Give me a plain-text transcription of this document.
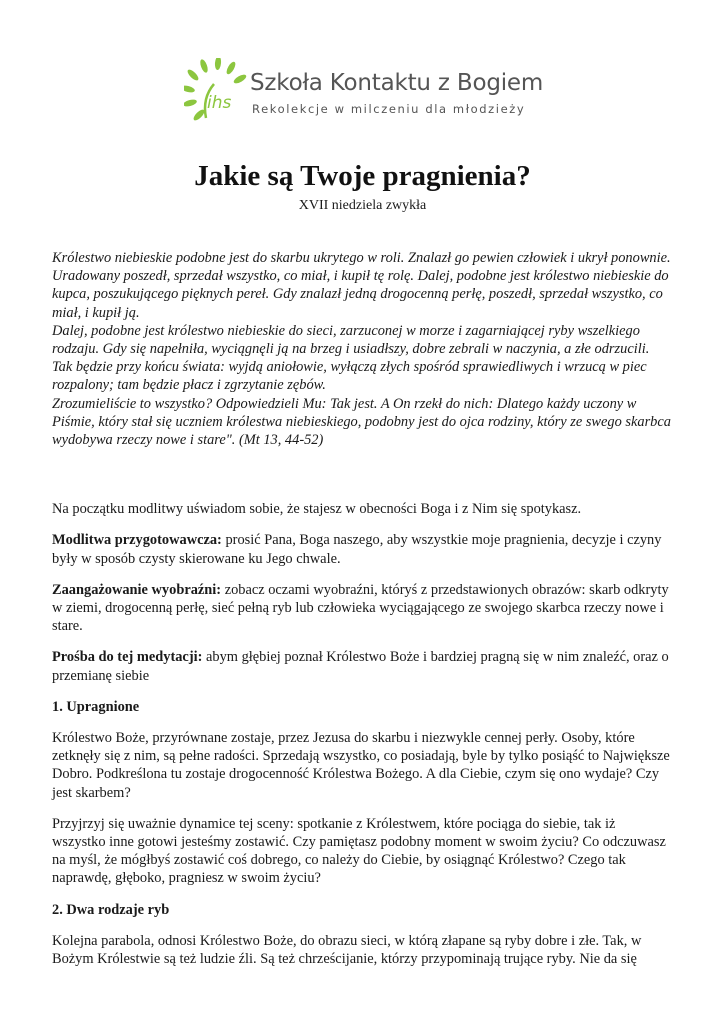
ihs
Szkoła Kontaktu z Bogiem
Rekolekcje w milczeniu dla młodzieży
Jakie są Twoje pragnienia?
XVII niedziela zwykła

Królestwo niebieskie podobne jest do skarbu ukrytego w roli. Znalazł go pewien człowiek i ukrył ponownie. Uradowany poszedł, sprzedał wszystko, co miał, i kupił tę rolę. Dalej, podobne jest królestwo niebieskie do kupca, poszukującego pięknych pereł. Gdy znalazł jedną drogocenną perłę, poszedł, sprzedał wszystko, co miał, i kupił ją.

Dalej, podobne jest królestwo niebieskie do sieci, zarzuconej w morze i zagarniającej ryby wszelkiego rodzaju. Gdy się napełniła, wyciągnęli ją na brzeg i usiadłszy, dobre zebrali w naczynia, a złe odrzucili. Tak będzie przy końcu świata: wyjdą aniołowie, wyłączą złych spośród sprawiedliwych i wrzucą w piec rozpalony; tam będzie płacz i zgrzytanie zębów.

Zrozumieliście to wszystko? Odpowiedzieli Mu: Tak jest. A On rzekł do nich: Dlatego każdy uczony w Piśmie, który stał się uczniem królestwa niebieskiego, podobny jest do ojca rodziny, który ze swego skarbca wydobywa rzeczy nowe i stare". (Mt 13, 44-52)

Na początku modlitwy uświadom sobie, że stajesz w obecności Boga i z Nim się spotykasz.

Modlitwa przygotowawcza: prosić Pana, Boga naszego, aby wszystkie moje pragnienia, decyzje i czyny były w sposób czysty skierowane ku Jego chwale.

Zaangażowanie wyobraźni: zobacz oczami wyobraźni, któryś z przedstawionych obrazów: skarb odkryty w ziemi, drogocenną perłę, sieć pełną ryb lub człowieka wyciągającego ze swojego skarbca rzeczy nowe i stare.

Prośba do tej medytacji: abym głębiej poznał Królestwo Boże i bardziej pragną się w nim znaleźć, oraz o przemianę siebie

1. Upragnione

Królestwo Boże, przyrównane zostaje, przez Jezusa do skarbu i niezwykle cennej perły. Osoby, które zetknęły się z nim, są pełne radości. Sprzedają wszystko, co posiadają, byle by tylko posiąść to Największe Dobro. Podkreślona tu zostaje drogocenność Królestwa Bożego. A dla Ciebie, czym się ono wydaje? Czy jest skarbem?

Przyjrzyj się uważnie dynamice tej sceny: spotkanie z Królestwem, które pociąga do siebie, tak iż wszystko inne gotowi jesteśmy zostawić. Czy pamiętasz podobny moment w swoim życiu? Co odczuwasz na myśl, że mógłbyś zostawić coś dobrego, co należy do Ciebie, by osiągnąć Królestwo? Czego tak naprawdę, głęboko, pragniesz w swoim życiu?

2. Dwa rodzaje ryb

Kolejna parabola, odnosi Królestwo Boże, do obrazu sieci, w którą złapane są ryby dobre i złe. Tak, w Bożym Królestwie są też ludzie źli. Są też chrześcijanie, którzy przypominają trujące ryby. Nie da się
